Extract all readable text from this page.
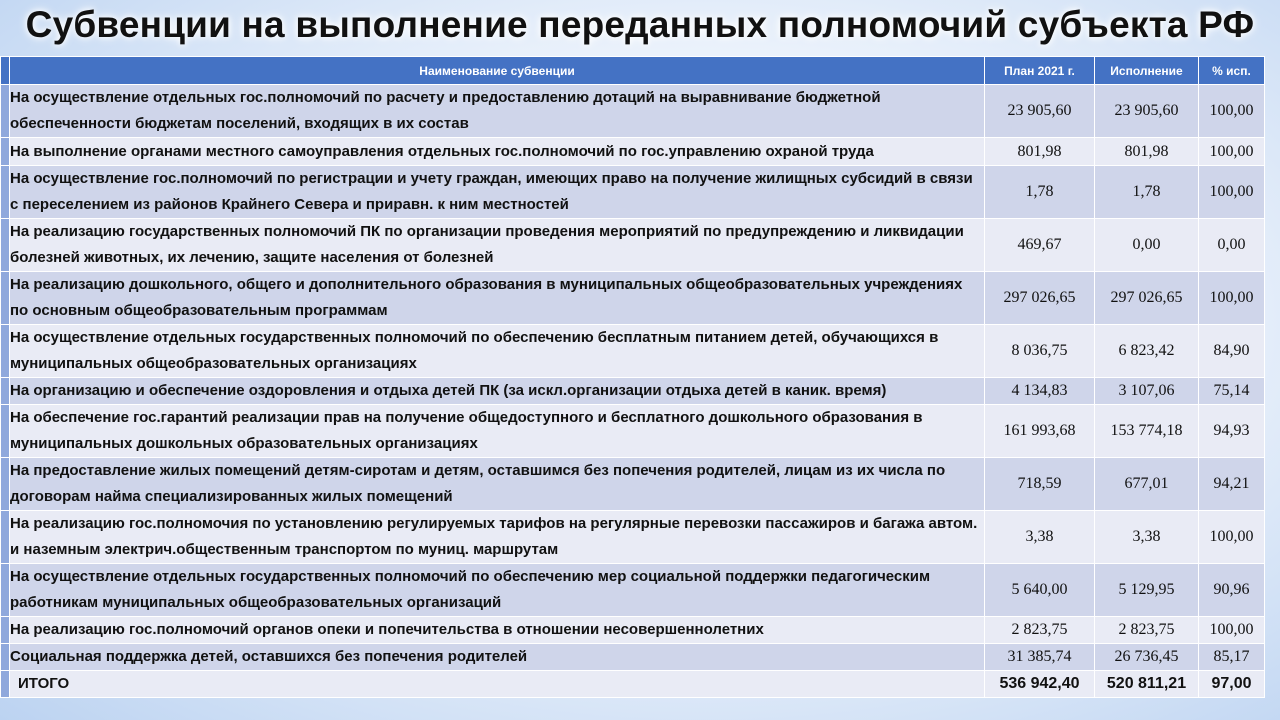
Субвенции на выполнение переданных полномочий субъекта РФ
	Наименование субвенции	План 2021 г.	Исполнение	% исп.
	На осуществление отдельных гос.полномочий по расчету и предоставлению дотаций на выравнивание бюджетной обеспеченности бюджетам поселений, входящих в их состав	23 905,60	23 905,60	100,00
	На выполнение органами местного самоуправления отдельных гос.полномочий по гос.управлению охраной труда	801,98	801,98	100,00
	На осуществление гос.полномочий по регистрации и учету граждан, имеющих право на получение жилищных субсидий в связи с переселением из районов Крайнего Севера и приравн. к ним местностей	1,78	1,78	100,00
	На реализацию государственных полномочий ПК по организации проведения мероприятий по предупреждению и ликвидации болезней животных, их лечению, защите населения от болезней	469,67	0,00	0,00
	На реализацию дошкольного, общего и дополнительного образования в муниципальных общеобразовательных учреждениях по основным общеобразовательным программам	297 026,65	297 026,65	100,00
	На осуществление отдельных государственных полномочий по обеспечению бесплатным питанием детей, обучающихся в муниципальных общеобразовательных организациях	8 036,75	6 823,42	84,90
	На организацию и обеспечение оздоровления и отдыха детей ПК (за искл.организации отдыха детей в каник. время)	4 134,83	3 107,06	75,14
	На обеспечение гос.гарантий реализации прав на получение общедоступного и бесплатного дошкольного образования в муниципальных дошкольных образовательных организациях	161 993,68	153 774,18	94,93
	На предоставление жилых помещений детям-сиротам и детям, оставшимся без попечения родителей, лицам из их числа по договорам найма специализированных жилых помещений	718,59	677,01	94,21
	На реализацию гос.полномочия по установлению регулируемых тарифов на регулярные перевозки пассажиров и багажа автом. и наземным электрич.общественным транспортом по муниц. маршрутам	3,38	3,38	100,00
	На осуществление отдельных государственных полномочий по обеспечению мер социальной поддержки педагогическим работникам муниципальных общеобразовательных организаций	5 640,00	5 129,95	90,96
	На реализацию гос.полномочий органов опеки и попечительства в отношении несовершеннолетних	2 823,75	2 823,75	100,00
	Социальная поддержка детей, оставшихся без попечения родителей	31 385,74	26 736,45	85,17
	ИТОГО	536 942,40	520 811,21	97,00
